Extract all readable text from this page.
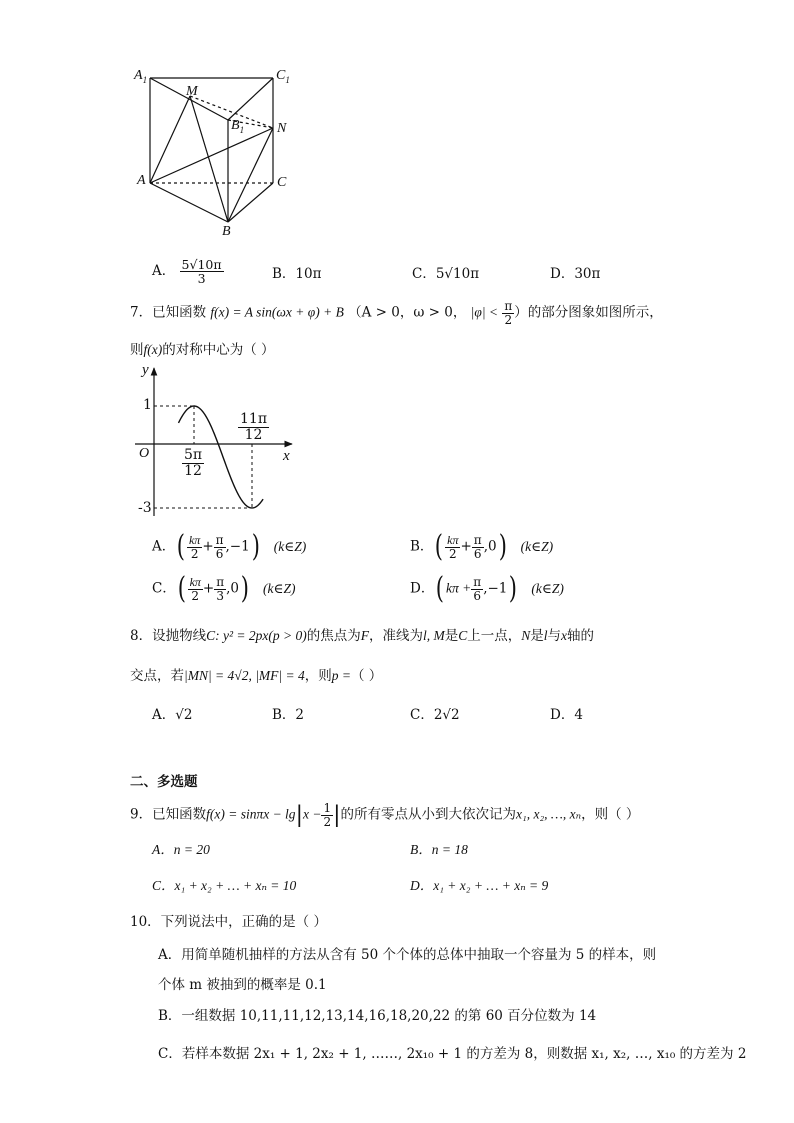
$A_1$	$C_1$
M
$B_1$ N
A	C
B
A． $\frac{5√10\pi}{3}$	B．10π	C．5√10π	D．30π
7．已知函数 f(x) = A sin(ωx + φ) + B （A > 0，ω > 0， $|\varphi| < \frac{\pi}{2}$ ）的部分图象如图所示，
则f(x)的对称中心为（ ）
y
x
O
1
-3
$\frac{5\pi}{12}$
$\frac{11\pi}{12}$
A．( $\frac{k\pi}{2} + \frac{\pi}{6} ,-1$) (k∈Z)	B．( $\frac{k\pi}{2} + \frac{\pi}{6} ,0$) (k∈Z)
C．( $\frac{k\pi}{2} + \frac{\pi}{3} ,0$) (k∈Z)	D．( $k\pi + \frac{\pi}{6} ,-1$) (k∈Z)
8．设抛物线C: y² = 2px(p > 0)的焦点为F，准线为l, M是C上一点，N是l与x轴的
交点，若|MN| = 4√2, |MF| = 4，则p =（ ）
A．√2	B．2	C．2√2	D．4
二、多选题
9．已知函数$f(x) = \sin\pi x - \lg|x - \frac{1}{2}$ |的所有零点从小到大依次记为x₁, x₂, …, xₙ，则（ ）
A．n = 20	B．n = 18
C．x₁ + x₂ + … + xₙ = 10	D．x₁ + x₂ + … + xₙ = 9
10．下列说法中，正确的是（ ）
A．用简单随机抽样的方法从含有 50 个个体的总体中抽取一个容量为 5 的样本，则
个体 m 被抽到的概率是 0.1
B．一组数据 10,11,11,12,13,14,16,18,20,22 的第 60 百分位数为 14
C．若样本数据 2x₁ + 1, 2x₂ + 1, ……, 2x₁₀ + 1 的方差为 8，则数据 x₁, x₂, …, x₁₀ 的方差为 2
